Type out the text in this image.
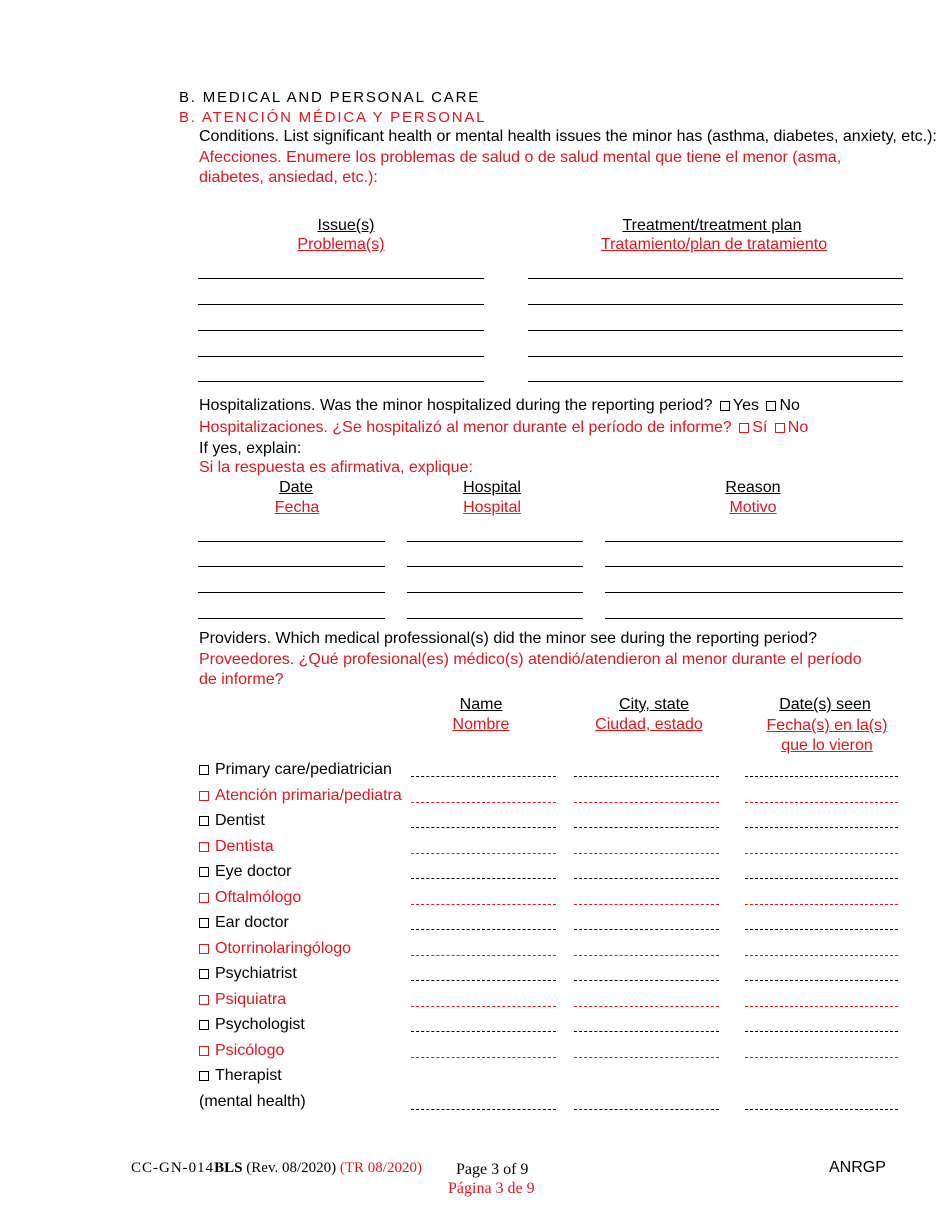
B. MEDICAL AND PERSONAL CARE
B. ATENCIÓN MÉDICA Y PERSONAL
Conditions. List significant health or mental health issues the minor has (asthma, diabetes, anxiety, etc.):
Afecciones. Enumere los problemas de salud o de salud mental que tiene el menor (asma, diabetes, ansiedad, etc.):
Issue(s)
Problema(s)
Treatment/treatment plan
Tratamiento/plan de tratamiento
Hospitalizations. Was the minor hospitalized during the reporting period? Yes No
Hospitalizaciones. ¿Se hospitalizó al menor durante el período de informe? Sí No
If yes, explain:
Si la respuesta es afirmativa, explique:
Date
Fecha
Hospital
Hospital
Reason
Motivo
Providers. Which medical professional(s) did the minor see during the reporting period?
Proveedores. ¿Qué profesional(es) médico(s) atendió/atendieron al menor durante el período de informe?
Name
Nombre
City, state
Ciudad, estado
Date(s) seen
Fecha(s) en la(s) que lo vieron
Primary care/pediatrician
Atención primaria/pediatra
Dentist
Dentista
Eye doctor
Oftalmólogo
Ear doctor
Otorrinolaringólogo
Psychiatrist
Psiquiatra
Psychologist
Psicólogo
Therapist
(mental health)
CC-GN-014BLS (Rev. 08/2020) (TR 08/2020) Page 3 of 9
Página 3 de 9
ANRGP
